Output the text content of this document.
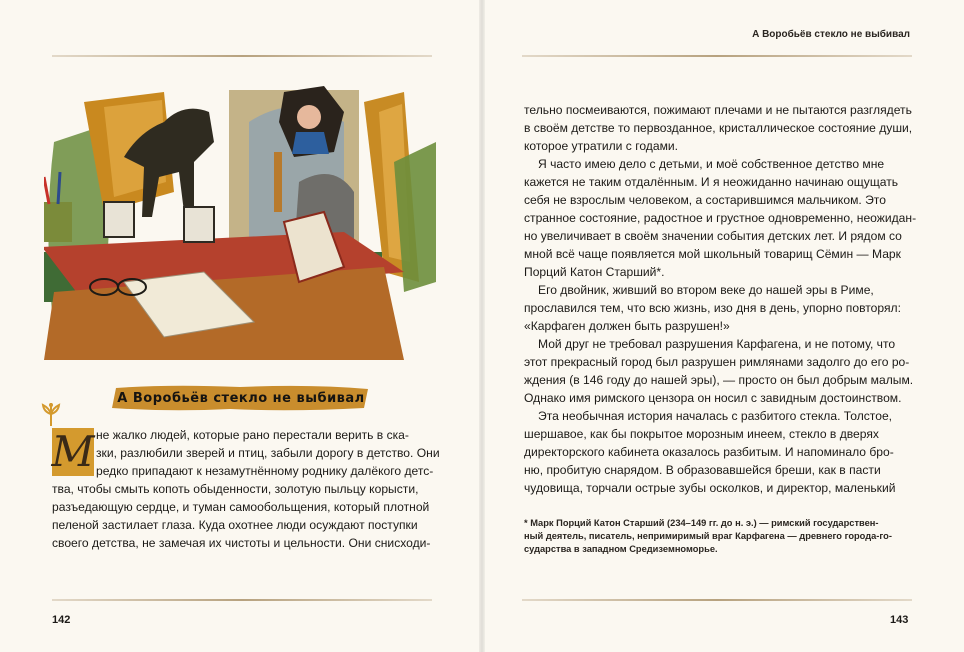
А Воробьёв стекло не выбивал
М не жалко людей, которые рано перестали верить в ска-
зки, разлюбили зверей и птиц, забыли дорогу в детство. Они
редко припадают к незамутнённому роднику далёкого детс-
тва, чтобы смыть копоть обыденности, золотую пыльцу корысти,
разъедающую сердце, и туман самообольщения, который плотной
пеленой застилает глаза. Куда охотнее люди осуждают поступки
своего детства, не замечая их чистоты и цельности. Они снисходи-
142
А Воробьёв стекло не выбивал
тельно посмеиваются, пожимают плечами и не пытаются разглядеть
в своём детстве то первозданное, кристаллическое состояние души,
которое утратили с годами.
Я часто имею дело с детьми, и моё собственное детство мне
кажется не таким отдалённым. И я неожиданно начинаю ощущать
себя не взрослым человеком, а состарившимся мальчиком. Это
странное состояние, радостное и грустное одновременно, неожидан-
но увеличивает в своём значении события детских лет. И рядом со
мной всё чаще появляется мой школьный товарищ Сёмин — Марк
Порций Катон Старший*.
Его двойник, живший во втором веке до нашей эры в Риме,
прославился тем, что всю жизнь, изо дня в день, упорно повторял:
«Карфаген должен быть разрушен!»
Мой друг не требовал разрушения Карфагена, и не потому, что
этот прекрасный город был разрушен римлянами задолго до его ро-
ждения (в 146 году до нашей эры), — просто он был добрым малым.
Однако имя римского цензора он носил с завидным достоинством.
Эта необычная история началась с разбитого стекла. Толстое,
шершавое, как бы покрытое морозным инеем, стекло в дверях
директорского кабинета оказалось разбитым. И напоминало бро-
ню, пробитую снарядом. В образовавшейся бреши, как в пасти
чудовища, торчали острые зубы осколков, и директор, маленький
* Марк Порций Катон Старший (234–149 гг. до н. э.) — римский государствен-
ный деятель, писатель, непримиримый враг Карфагена — древнего города-го-
сударства в западном Средиземноморье.
143
